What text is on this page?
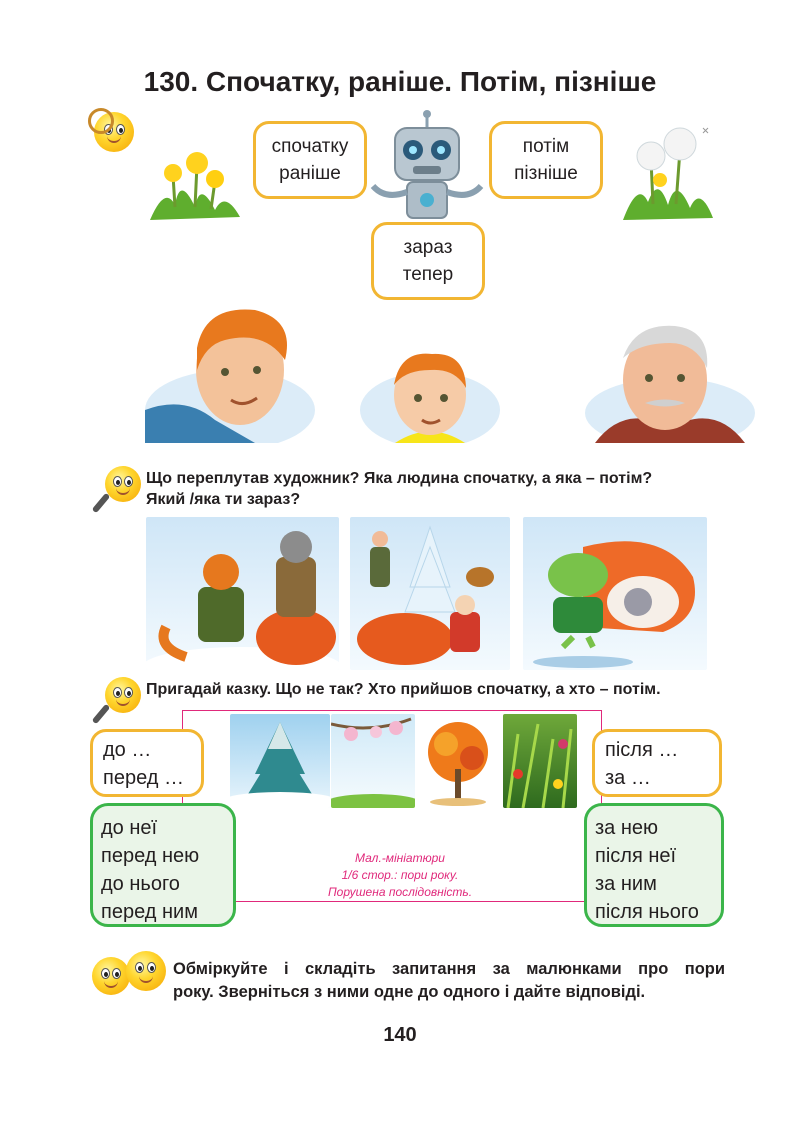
130. Спочатку, раніше. Потім, пізніше
спочатку
раніше
потім
пізніше
зараз
тепер
Що переплутав художник? Яка людина спочатку, а яка – потім?
Який /яка ти зараз?
Пригадай казку. Що не так? Хто прийшов спочатку, а хто – потім.
до …
перед …
після …
за …
до неї
перед нею
до нього
перед ним
за нею
після неї
за ним
після нього
Мал.-мініатюри
1/6 стор.: пори року.
Порушена послідовність.
Обміркуйте і складіть запитання за малюнками про пори
року. Зверніться з ними одне до одного і дайте відповіді.
140
